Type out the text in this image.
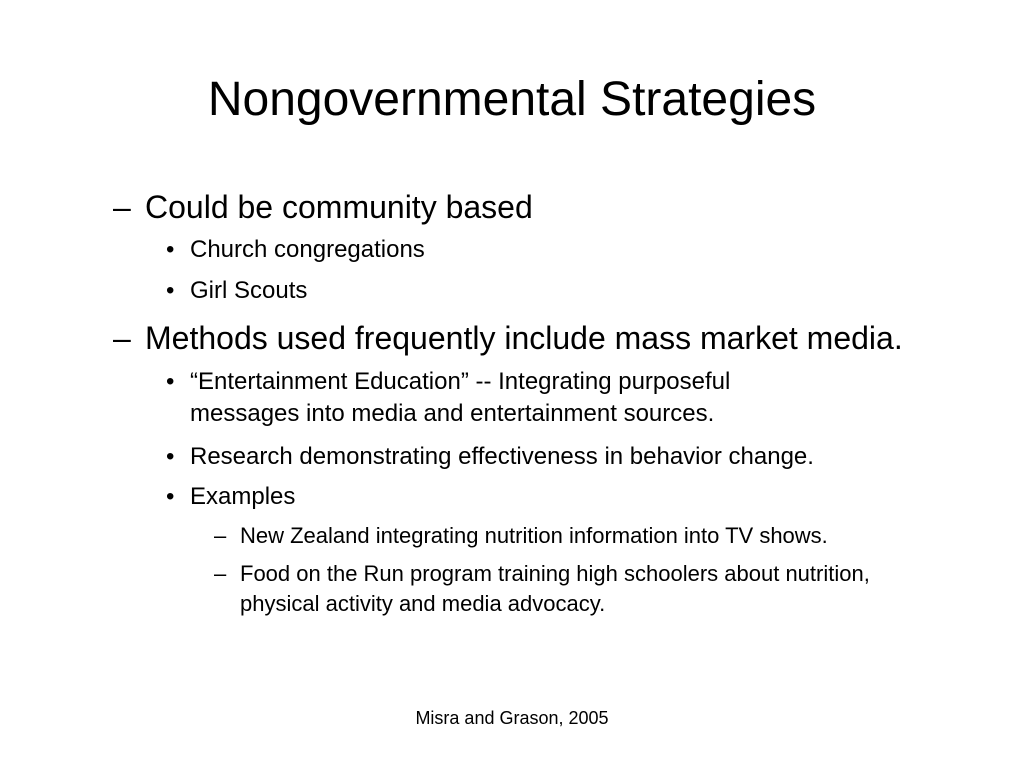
Nongovernmental Strategies
– Could be community based
• Church congregations
• Girl Scouts
– Methods used frequently include mass market media.
• “Entertainment Education” -- Integrating purposeful messages into media and entertainment sources.
• Research demonstrating effectiveness in behavior change.
• Examples
– New Zealand integrating nutrition information into TV shows.
– Food on the Run program training high schoolers about nutrition, physical activity and media advocacy.
Misra and Grason, 2005
